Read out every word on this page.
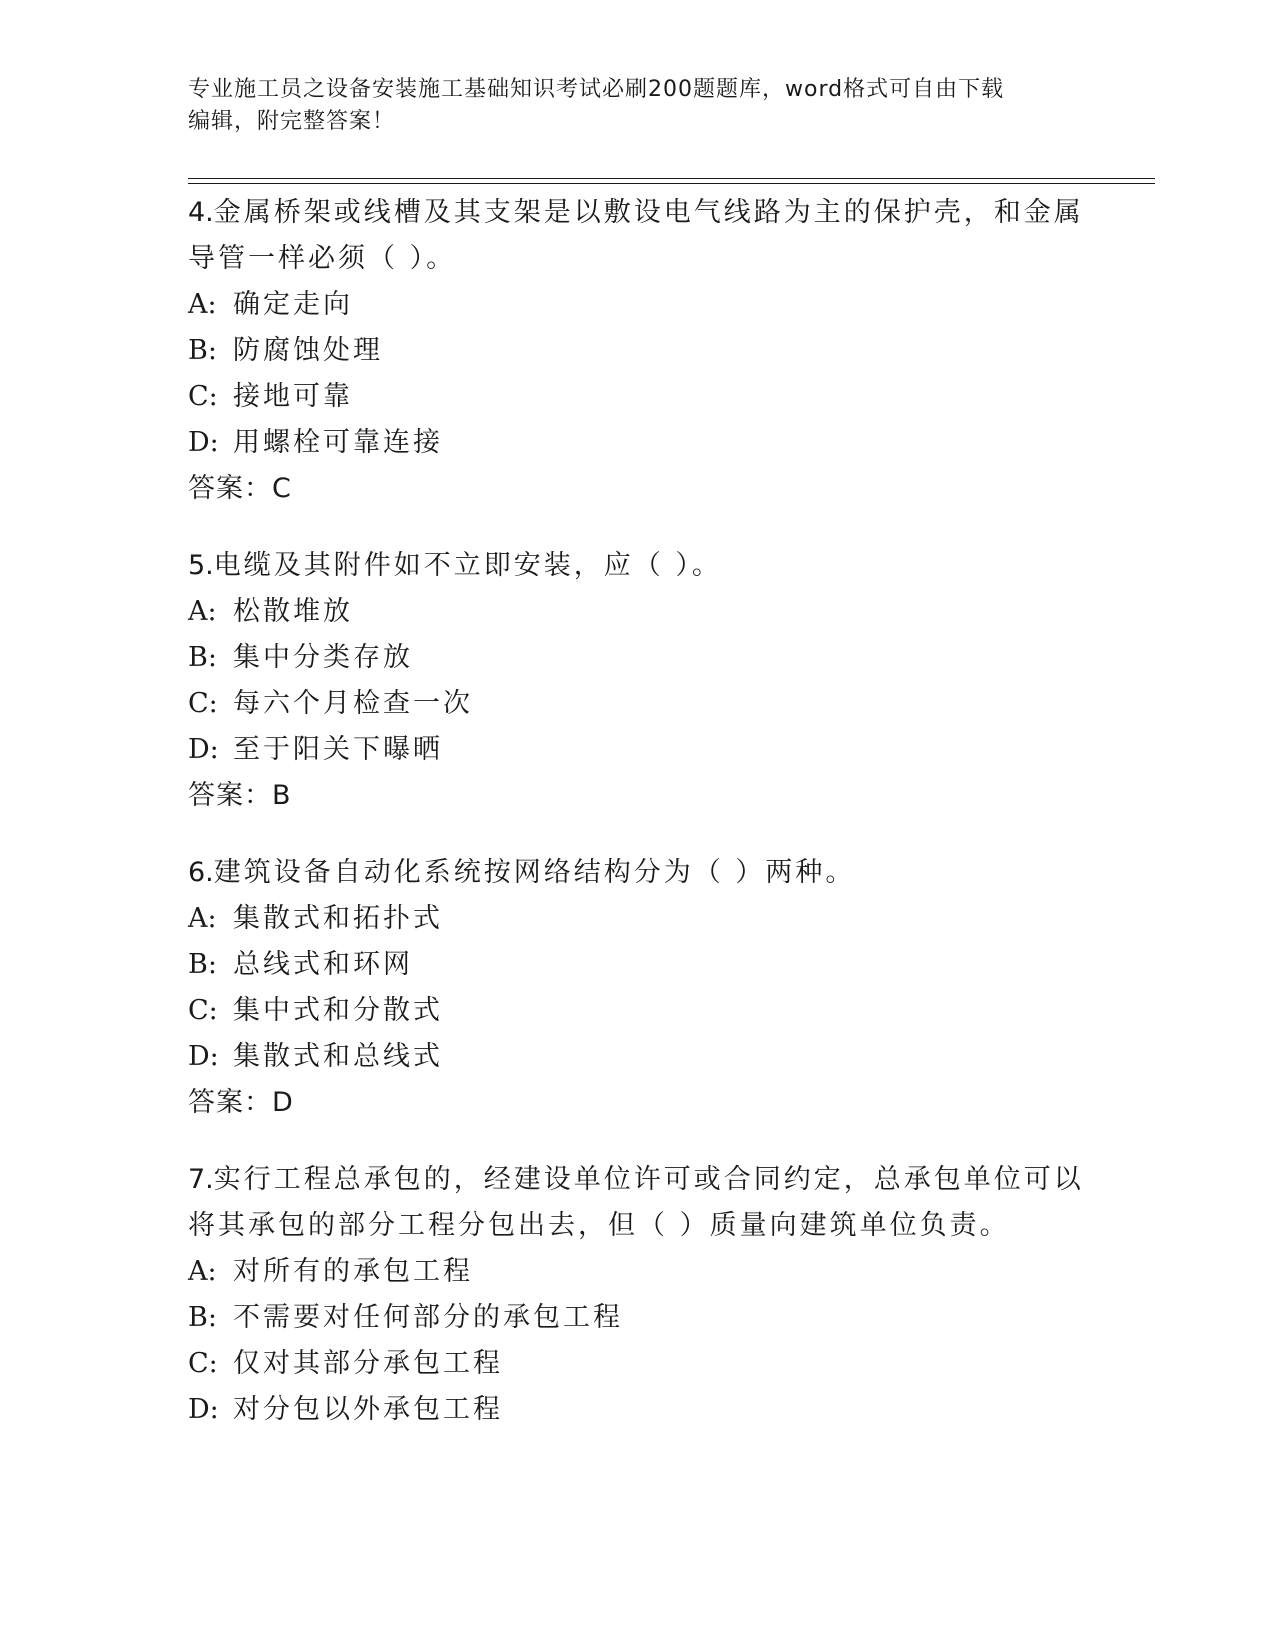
专业施工员之设备安装施工基础知识考试必刷200题题库，word格式可自由下载
编辑，附完整答案！

4.金属桥架或线槽及其支架是以敷设电气线路为主的保护壳，和金属

导管一样必须（ ）。

A: 确定走向
B: 防腐蚀处理
C: 接地可靠
D: 用螺栓可靠连接
答案：C

5.电缆及其附件如不立即安装，应（ ）。

A: 松散堆放
B: 集中分类存放
C: 每六个月检查一次
D: 至于阳关下曝晒
答案：B

6.建筑设备自动化系统按网络结构分为（ ）两种。

A: 集散式和拓扑式
B: 总线式和环网
C: 集中式和分散式
D: 集散式和总线式
答案：D

7.实行工程总承包的，经建设单位许可或合同约定，总承包单位可以

将其承包的部分工程分包出去，但（ ）质量向建筑单位负责。

A: 对所有的承包工程
B: 不需要对任何部分的承包工程
C: 仅对其部分承包工程
D: 对分包以外承包工程
